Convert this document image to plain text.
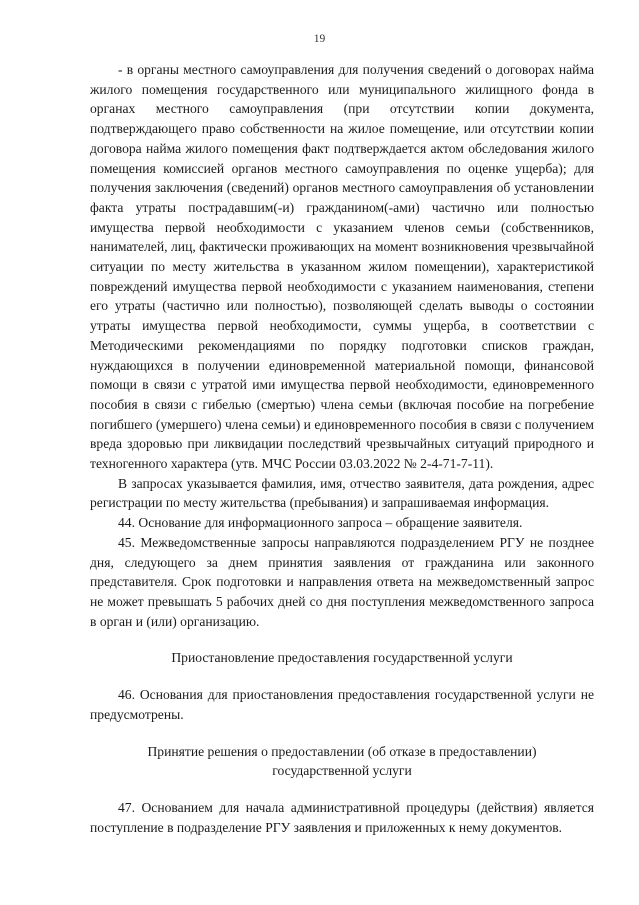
19

- в органы местного самоуправления для получения сведений о договорах найма жилого помещения государственного или муниципального жилищного фонда в органах местного самоуправления (при отсутствии копии документа, подтверждающего право собственности на жилое помещение, или отсутствии копии договора найма жилого помещения факт подтверждается актом обследования жилого помещения комиссией органов местного самоуправления по оценке ущерба); для получения заключения (сведений) органов местного самоуправления об установлении факта утраты пострадавшим(-и) гражданином(-ами) частично или полностью имущества первой необходимости с указанием членов семьи (собственников, нанимателей, лиц, фактически проживающих на момент возникновения чрезвычайной ситуации по месту жительства в указанном жилом помещении), характеристикой повреждений имущества первой необходимости с указанием наименования, степени его утраты (частично или полностью), позволяющей сделать выводы о состоянии утраты имущества первой необходимости, суммы ущерба, в соответствии с Методическими рекомендациями по порядку подготовки списков граждан, нуждающихся в получении единовременной материальной помощи, финансовой помощи в связи с утратой ими имущества первой необходимости, единовременного пособия в связи с гибелью (смертью) члена семьи (включая пособие на погребение погибшего (умершего) члена семьи) и единовременного пособия в связи с получением вреда здоровью при ликвидации последствий чрезвычайных ситуаций природного и техногенного характера (утв. МЧС России 03.03.2022 № 2-4-71-7-11).

В запросах указывается фамилия, имя, отчество заявителя, дата рождения, адрес регистрации по месту жительства (пребывания) и запрашиваемая информация.

44. Основание для информационного запроса – обращение заявителя.

45. Межведомственные запросы направляются подразделением РГУ не позднее дня, следующего за днем принятия заявления от гражданина или законного представителя. Срок подготовки и направления ответа на межведомственный запрос не может превышать 5 рабочих дней со дня поступления межведомственного запроса в орган и (или) организацию.

Приостановление предоставления государственной услуги

46. Основания для приостановления предоставления государственной услуги не предусмотрены.

Принятие решения о предоставлении (об отказе в предоставлении)

государственной услуги

47. Основанием для начала административной процедуры (действия) является поступление в подразделение РГУ заявления и приложенных к нему документов.
